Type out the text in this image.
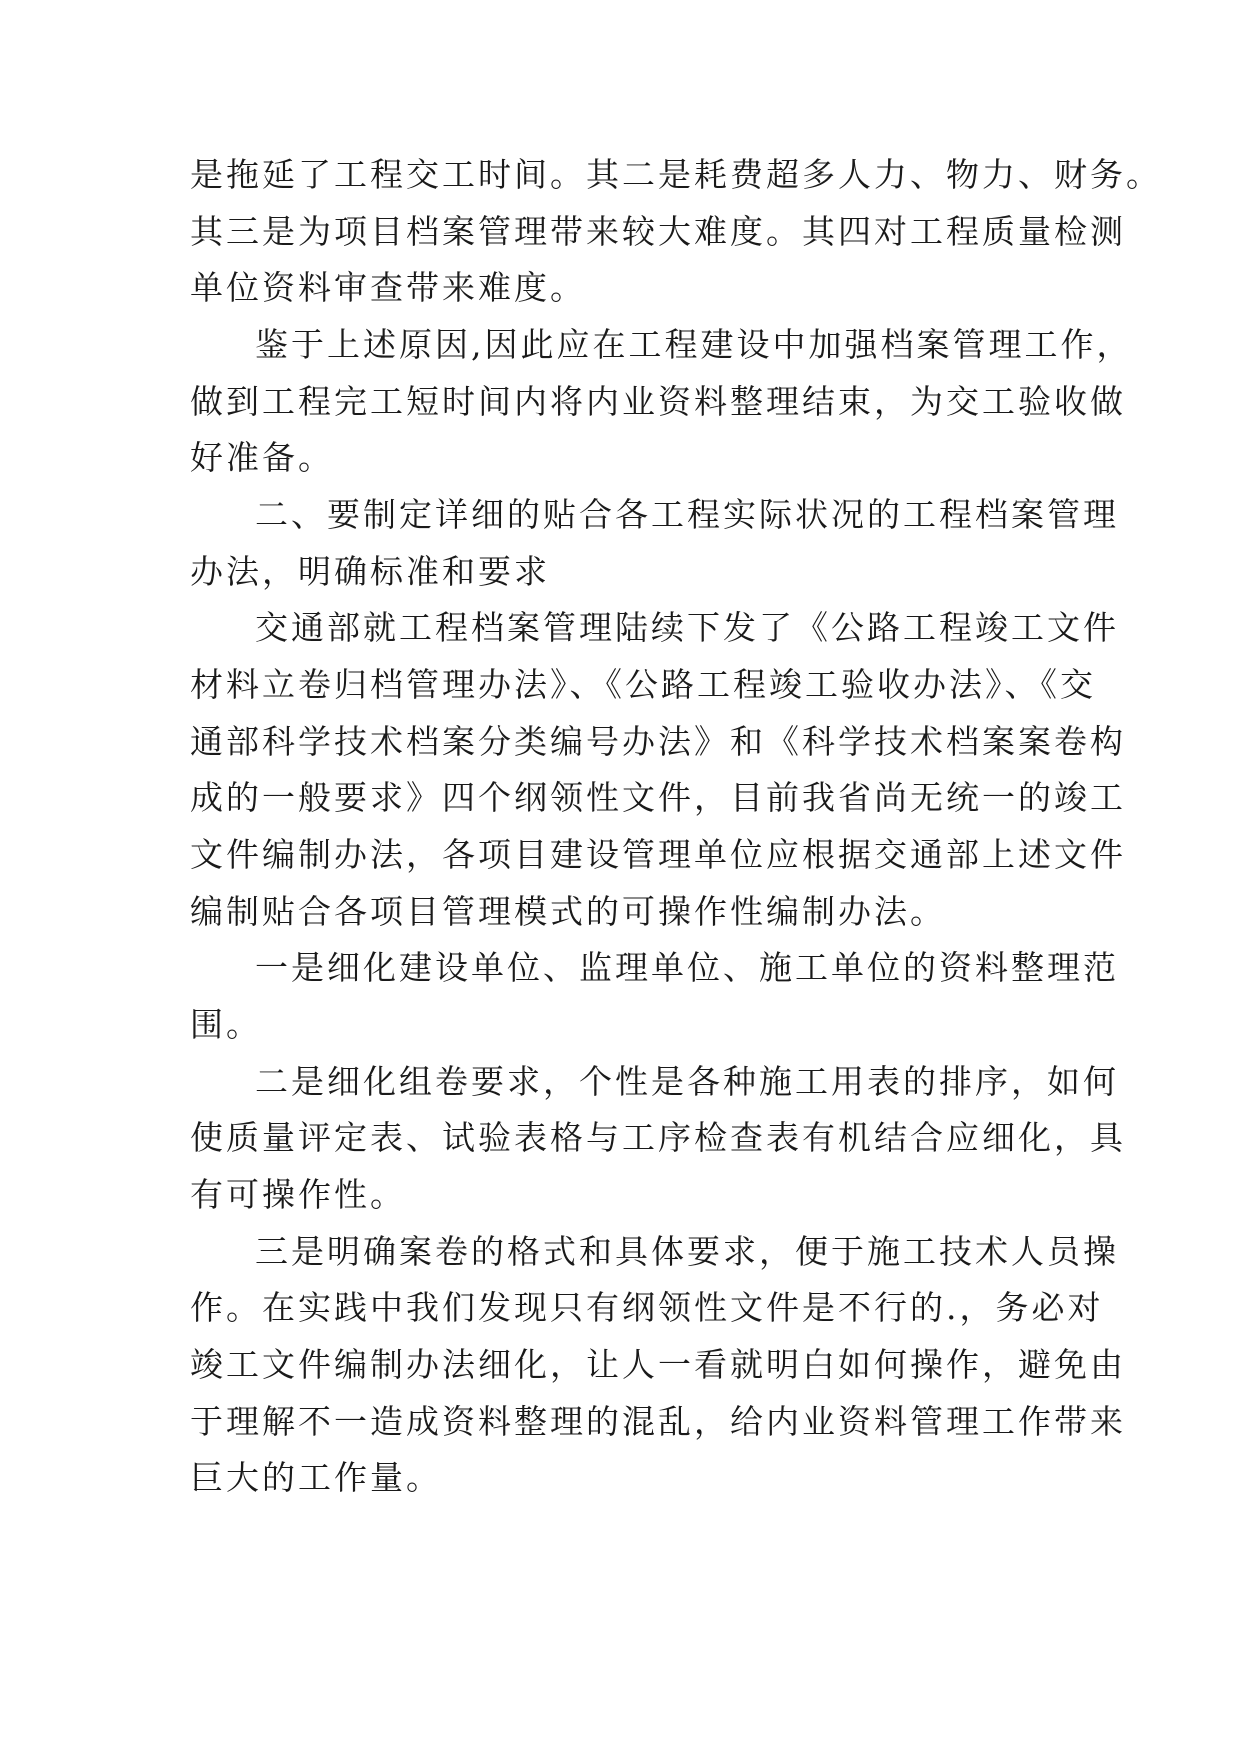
是拖延了工程交工时间。其二是耗费超多人力、物力、财务。
其三是为项目档案管理带来较大难度。其四对工程质量检测
单位资料审查带来难度。
鉴于上述原因,因此应在工程建设中加强档案管理工作，
做到工程完工短时间内将内业资料整理结束，为交工验收做
好准备。
二、要制定详细的贴合各工程实际状况的工程档案管理
办法，明确标准和要求
交通部就工程档案管理陆续下发了《公路工程竣工文件
材料立卷归档管理办法》、《公路工程竣工验收办法》、《交
通部科学技术档案分类编号办法》和《科学技术档案案卷构
成的一般要求》四个纲领性文件，目前我省尚无统一的竣工
文件编制办法，各项目建设管理单位应根据交通部上述文件
编制贴合各项目管理模式的可操作性编制办法。
一是细化建设单位、监理单位、施工单位的资料整理范
围。
二是细化组卷要求，个性是各种施工用表的排序，如何
使质量评定表、试验表格与工序检查表有机结合应细化，具
有可操作性。
三是明确案卷的格式和具体要求，便于施工技术人员操
作。在实践中我们发现只有纲领性文件是不行的.，务必对
竣工文件编制办法细化，让人一看就明白如何操作，避免由
于理解不一造成资料整理的混乱，给内业资料管理工作带来
巨大的工作量。
